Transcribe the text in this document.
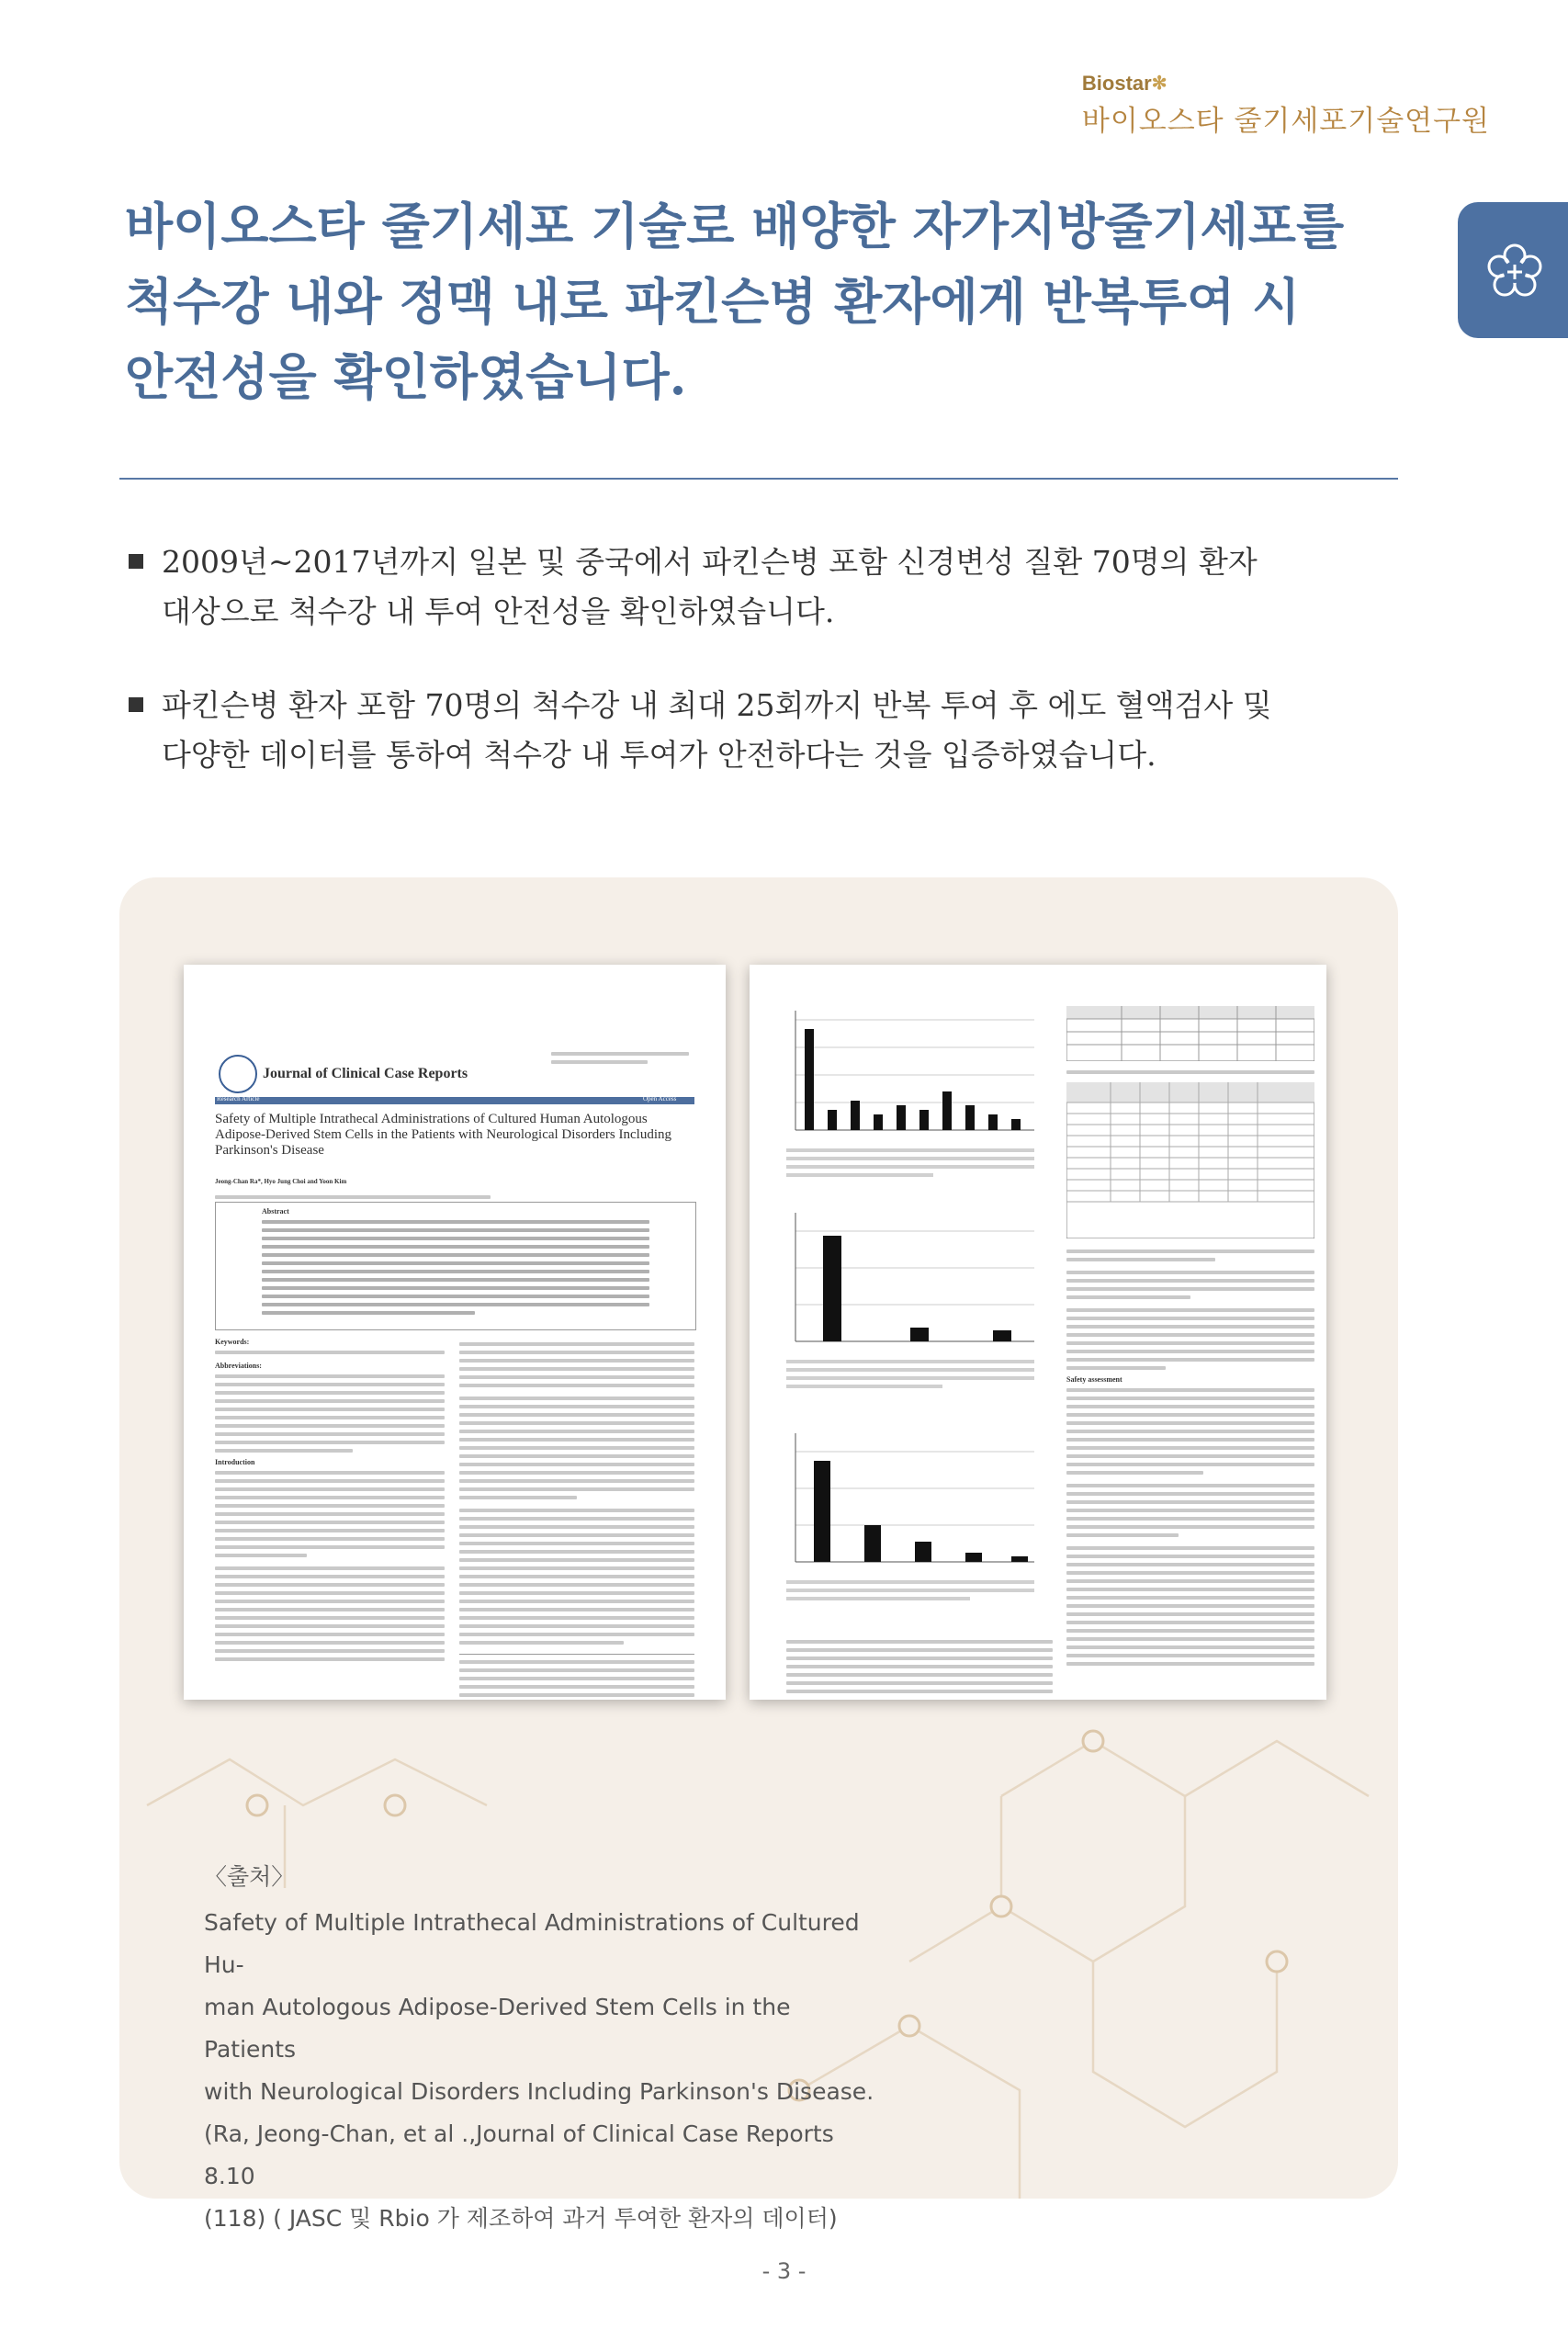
Biostar✻
바이오스타 줄기세포기술연구원
바이오스타 줄기세포 기술로 배양한 자가지방줄기세포를
척수강 내와 정맥 내로 파킨슨병 환자에게 반복투여 시
안전성을 확인하였습니다.
2009년~2017년까지 일본 및 중국에서 파킨슨병 포함 신경변성 질환 70명의 환자
대상으로 척수강 내 투여 안전성을 확인하였습니다.
파킨슨병 환자 포함 70명의 척수강 내 최대 25회까지 반복 투여 후 에도 혈액검사 및
다양한 데이터를 통하여 척수강 내 투여가 안전하다는 것을 입증하였습니다.
Journal of Clinical Case Reports
Research Article	Open Access
Safety of Multiple Intrathecal Administrations of Cultured Human Autologous Adipose-Derived Stem Cells in the Patients with Neurological Disorders Including Parkinson's Disease
Jeong-Chan Ra*, Hyo Jung Choi and Yoon Kim
Abstract
Keywords:
Abbreviations:
Introduction
Safety assessment
〈출처〉
Safety of Multiple Intrathecal Administrations of Cultured Hu-
man Autologous Adipose-Derived Stem Cells in the Patients
with Neurological Disorders Including Parkinson's Disease.
(Ra, Jeong-Chan, et al .,Journal of Clinical Case Reports 8.10
(118) ( JASC 및 Rbio 가 제조하여 과거 투여한 환자의 데이터)
- 3 -
